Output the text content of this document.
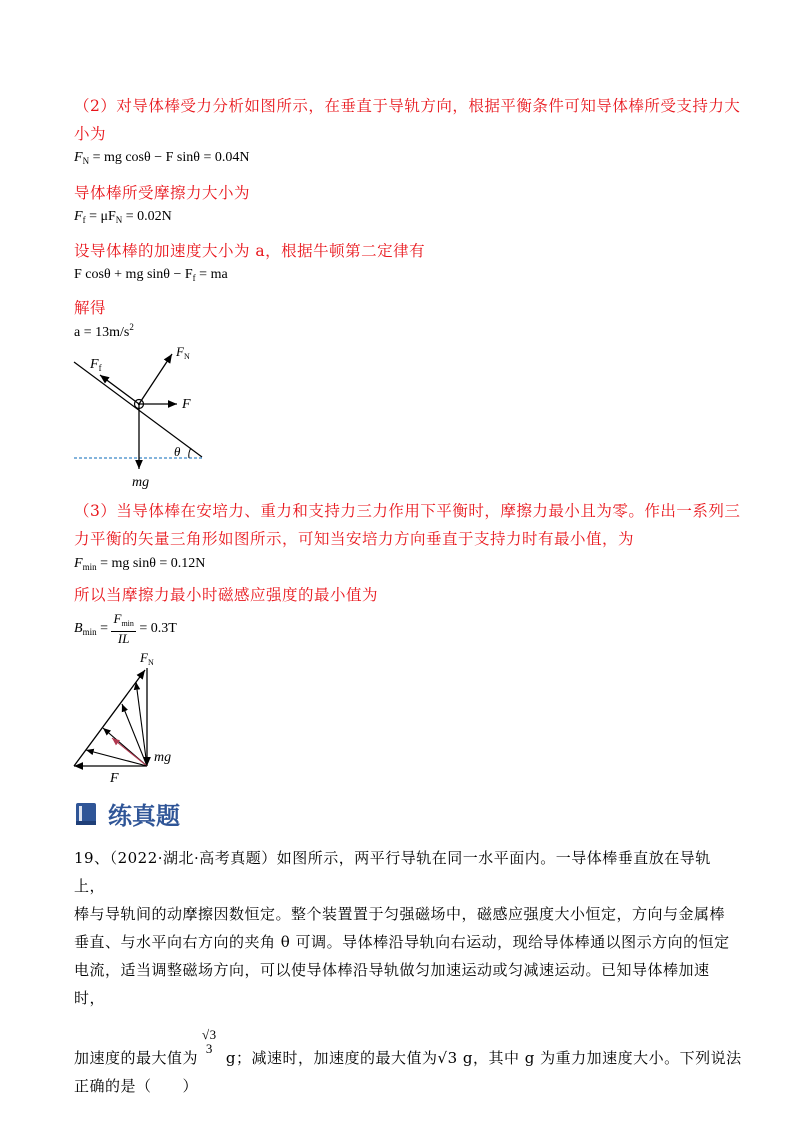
（2）对导体棒受力分析如图所示，在垂直于导轨方向，根据平衡条件可知导体棒所受支持力大
小为
$F_N$ = mg cosθ − F sinθ = 0.04N
导体棒所受摩擦力大小为
$F_f = \mu F_N = 0.02N$
设导体棒的加速度大小为 a，根据牛顿第二定律有
F cosθ + mg $\sin\theta - F_f$ = ma
解得
$a = 13m/s^2$
$F_f$
$F_N$
F
θ
mg
（3）当导体棒在安培力、重力和支持力三力作用下平衡时，摩擦力最小且为零。作出一系列三
力平衡的矢量三角形如图所示，可知当安培力方向垂直于支持力时有最小值，为
$F_{min}$ = mg sinθ = 0.12N
所以当摩擦力最小时磁感应强度的最小值为
$B_{min} = \frac{F_{min}}{IL} = 0.3T$
$F_N$
mg
F
练真题
19、（2022·湖北·高考真题）如图所示，两平行导轨在同一水平面内。一导体棒垂直放在导轨上，
棒与导轨间的动摩擦因数恒定。整个装置置于匀强磁场中，磁感应强度大小恒定，方向与金属棒
垂直、与水平向右方向的夹角 θ 可调。导体棒沿导轨向右运动，现给导体棒通以图示方向的恒定
电流，适当调整磁场方向，可以使导体棒沿导轨做匀加速运动或匀减速运动。已知导体棒加速时，
加速度的最大值为
√3
3
g；减速时，加速度的最大值为√3 g，其中 g 为重力加速度大小。下列说法
正确的是（　　）
